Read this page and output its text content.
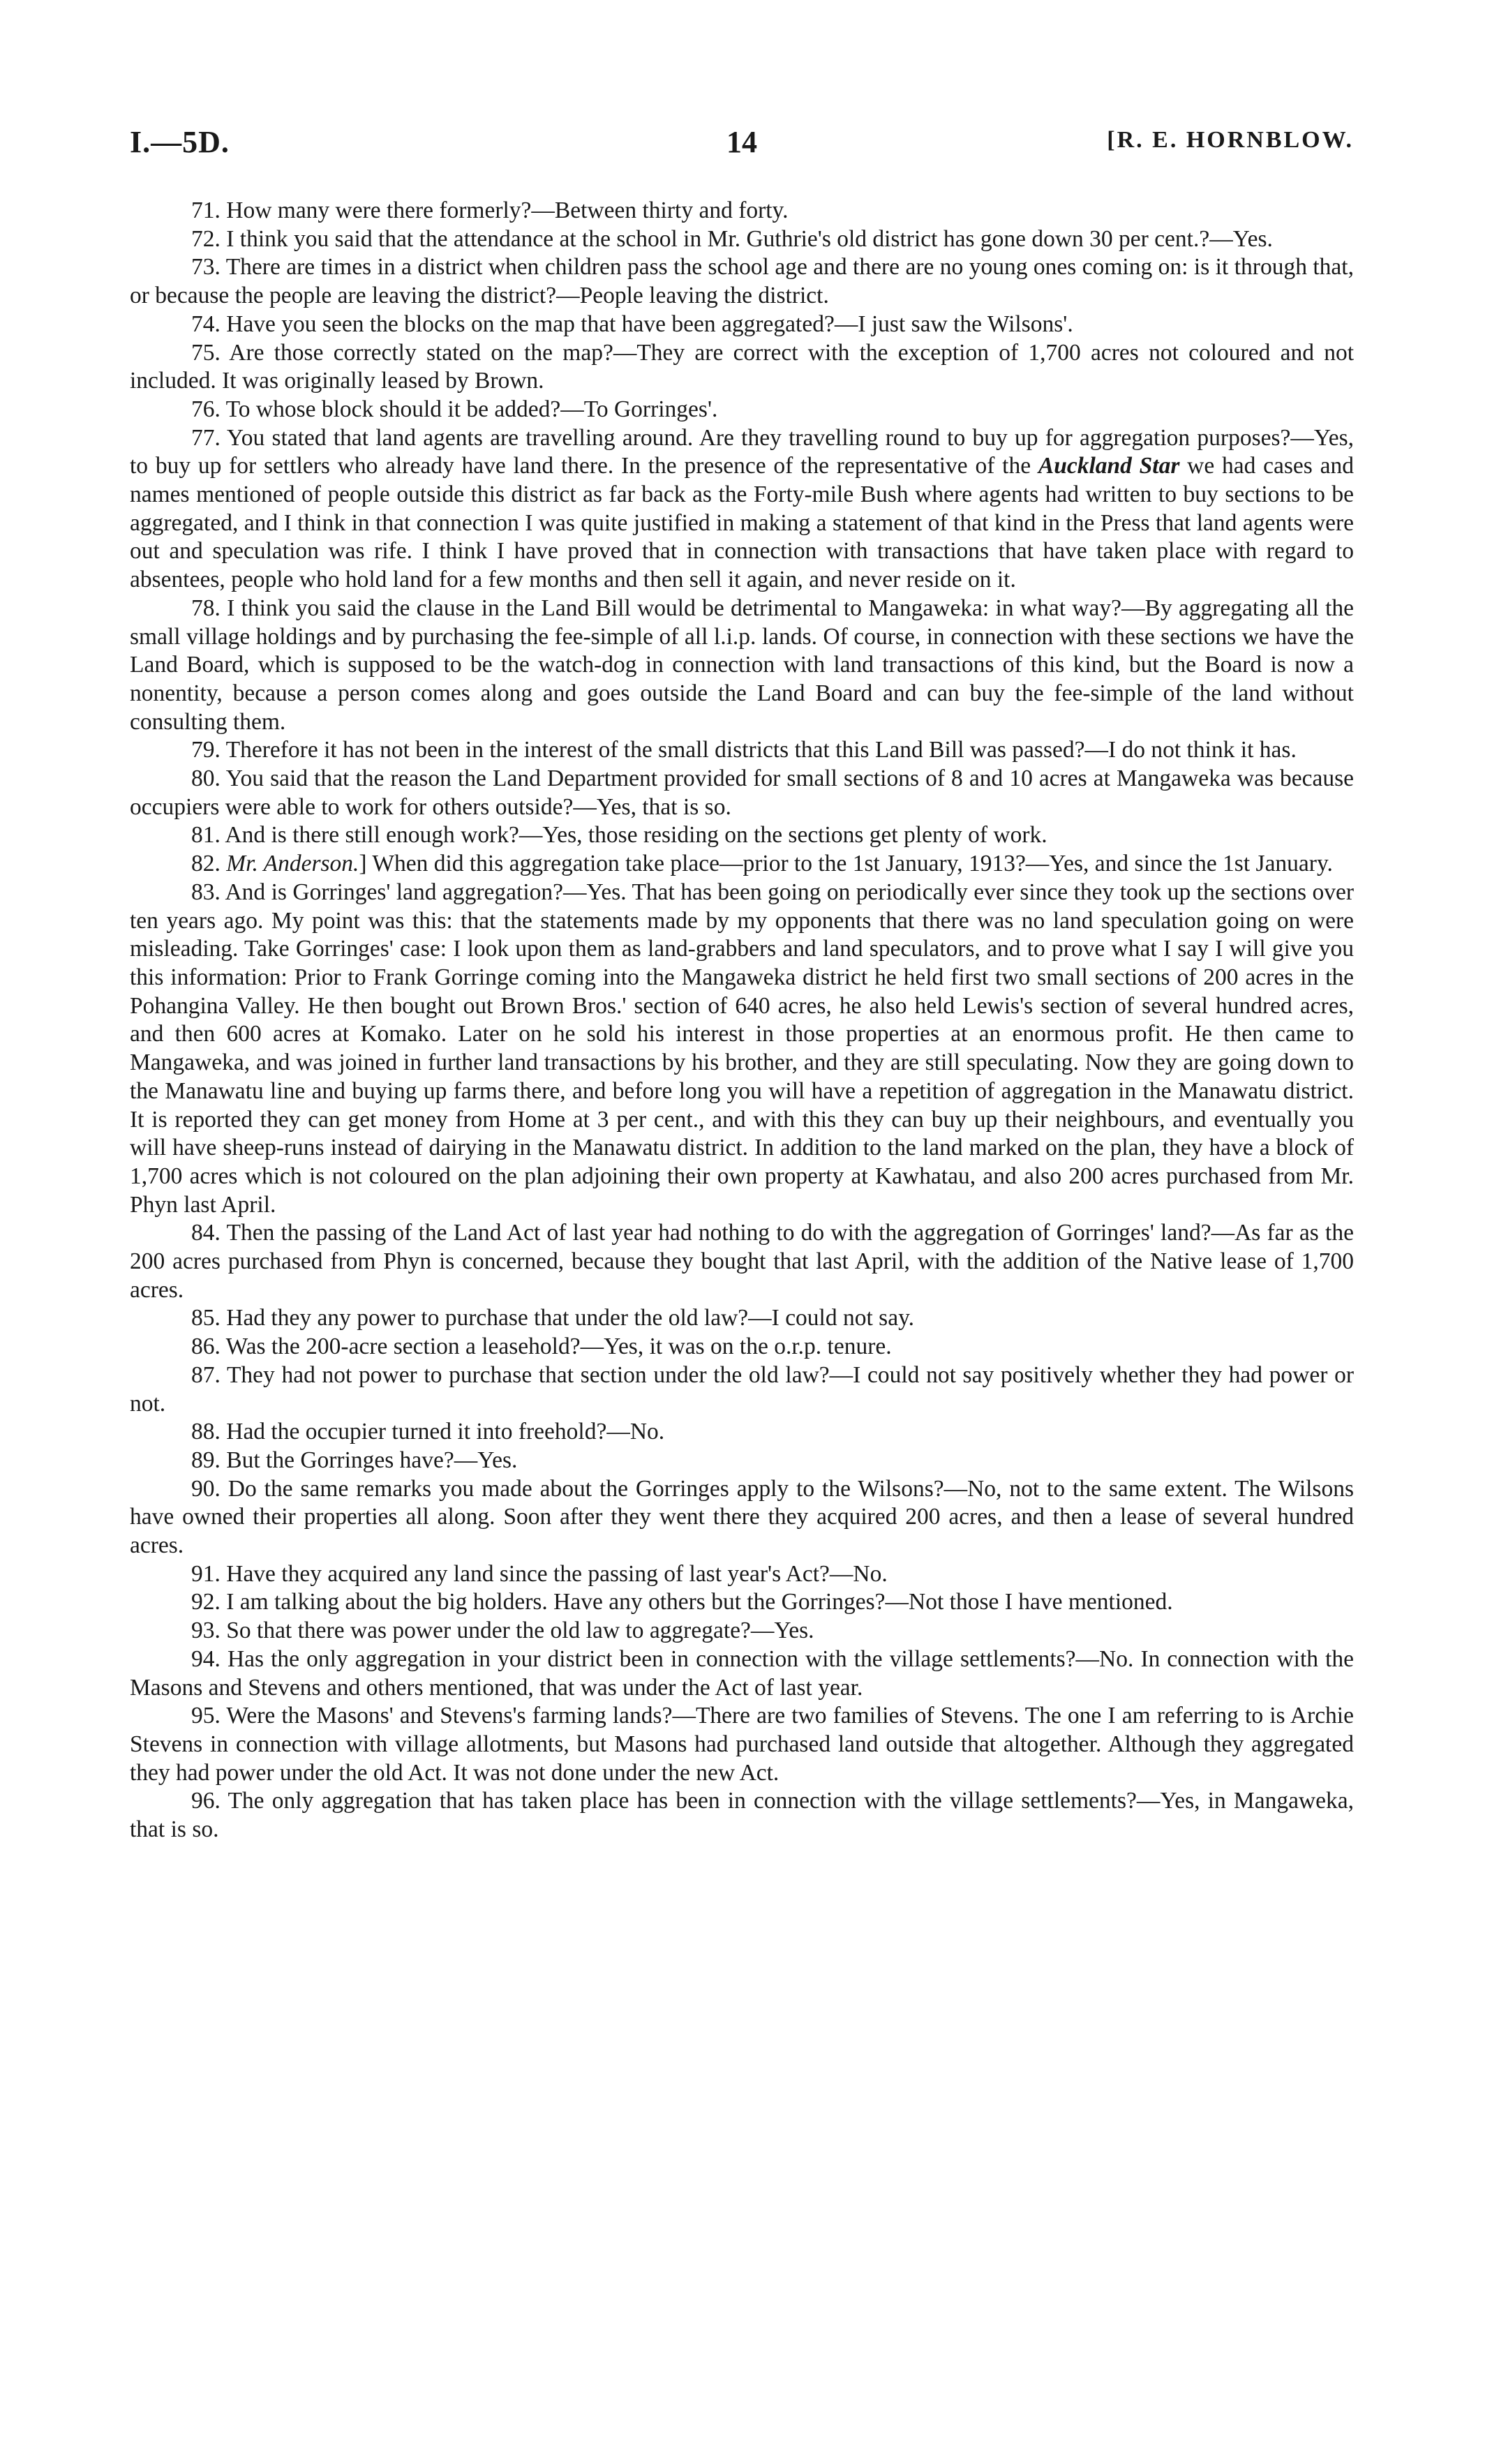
I.—5D.	14	[R. E. HORNBLOW.

71. How many were there formerly?—Between thirty and forty.

72. I think you said that the attendance at the school in Mr. Guthrie's old district has gone down 30 per cent.?—Yes.

73. There are times in a district when children pass the school age and there are no young ones coming on: is it through that, or because the people are leaving the district?—People leaving the district.

74. Have you seen the blocks on the map that have been aggregated?—I just saw the Wilsons'.

75. Are those correctly stated on the map?—They are correct with the exception of 1,700 acres not coloured and not included. It was originally leased by Brown.

76. To whose block should it be added?—To Gorringes'.

77. You stated that land agents are travelling around. Are they travelling round to buy up for aggregation purposes?—Yes, to buy up for settlers who already have land there. In the presence of the representative of the Auckland Star we had cases and names mentioned of people outside this district as far back as the Forty-mile Bush where agents had written to buy sections to be aggregated, and I think in that connection I was quite justified in making a statement of that kind in the Press that land agents were out and speculation was rife. I think I have proved that in connection with transactions that have taken place with regard to absentees, people who hold land for a few months and then sell it again, and never reside on it.

78. I think you said the clause in the Land Bill would be detrimental to Mangaweka: in what way?—By aggregating all the small village holdings and by purchasing the fee-simple of all l.i.p. lands. Of course, in connection with these sections we have the Land Board, which is supposed to be the watch-dog in connection with land transactions of this kind, but the Board is now a nonentity, because a person comes along and goes outside the Land Board and can buy the fee-simple of the land without consulting them.

79. Therefore it has not been in the interest of the small districts that this Land Bill was passed?—I do not think it has.

80. You said that the reason the Land Department provided for small sections of 8 and 10 acres at Mangaweka was because occupiers were able to work for others outside?—Yes, that is so.

81. And is there still enough work?—Yes, those residing on the sections get plenty of work.

82. Mr. Anderson.] When did this aggregation take place—prior to the 1st January, 1913?—Yes, and since the 1st January.

83. And is Gorringes' land aggregation?—Yes. That has been going on periodically ever since they took up the sections over ten years ago. My point was this: that the statements made by my opponents that there was no land speculation going on were misleading. Take Gorringes' case: I look upon them as land-grabbers and land speculators, and to prove what I say I will give you this information: Prior to Frank Gorringe coming into the Mangaweka district he held first two small sections of 200 acres in the Pohangina Valley. He then bought out Brown Bros.' section of 640 acres, he also held Lewis's section of several hundred acres, and then 600 acres at Komako. Later on he sold his interest in those properties at an enormous profit. He then came to Mangaweka, and was joined in further land transactions by his brother, and they are still speculating. Now they are going down to the Manawatu line and buying up farms there, and before long you will have a repetition of aggregation in the Manawatu district. It is reported they can get money from Home at 3 per cent., and with this they can buy up their neighbours, and eventually you will have sheep-runs instead of dairying in the Manawatu district. In addition to the land marked on the plan, they have a block of 1,700 acres which is not coloured on the plan adjoining their own property at Kawhatau, and also 200 acres purchased from Mr. Phyn last April.

84. Then the passing of the Land Act of last year had nothing to do with the aggregation of Gorringes' land?—As far as the 200 acres purchased from Phyn is concerned, because they bought that last April, with the addition of the Native lease of 1,700 acres.

85. Had they any power to purchase that under the old law?—I could not say.

86. Was the 200-acre section a leasehold?—Yes, it was on the o.r.p. tenure.

87. They had not power to purchase that section under the old law?—I could not say positively whether they had power or not.

88. Had the occupier turned it into freehold?—No.

89. But the Gorringes have?—Yes.

90. Do the same remarks you made about the Gorringes apply to the Wilsons?—No, not to the same extent. The Wilsons have owned their properties all along. Soon after they went there they acquired 200 acres, and then a lease of several hundred acres.

91. Have they acquired any land since the passing of last year's Act?—No.

92. I am talking about the big holders. Have any others but the Gorringes?—Not those I have mentioned.

93. So that there was power under the old law to aggregate?—Yes.

94. Has the only aggregation in your district been in connection with the village settlements?—No. In connection with the Masons and Stevens and others mentioned, that was under the Act of last year.

95. Were the Masons' and Stevens's farming lands?—There are two families of Stevens. The one I am referring to is Archie Stevens in connection with village allotments, but Masons had purchased land outside that altogether. Although they aggregated they had power under the old Act. It was not done under the new Act.

96. The only aggregation that has taken place has been in connection with the village settlements?—Yes, in Mangaweka, that is so.
